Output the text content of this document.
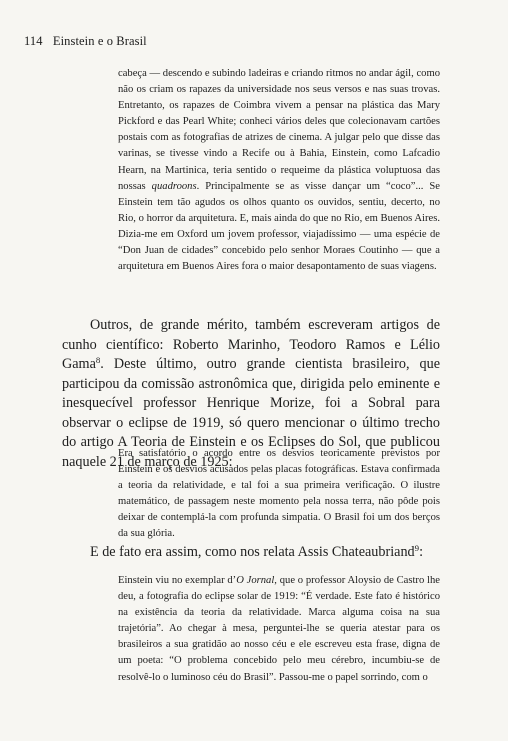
114 Einstein e o Brasil

cabeça — descendo e subindo ladeiras e criando ritmos no andar ágil, como não os criam os rapazes da universidade nos seus versos e nas suas trovas. Entretanto, os rapazes de Coimbra vivem a pensar na plástica das Mary Pickford e das Pearl White; conheci vários deles que colecionavam cartões postais com as fotografias de atrizes de cinema. A julgar pelo que disse das varinas, se tivesse vindo a Recife ou à Bahia, Einstein, como Lafcadio Hearn, na Martinica, teria sentido o requeime da plástica voluptuosa das nossas quadroons. Principalmente se as visse dançar um “coco”... Se Einstein tem tão agudos os olhos quanto os ouvidos, sentiu, decerto, no Rio, o horror da arquitetura. E, mais ainda do que no Rio, em Buenos Aires. Dizia-me em Oxford um jovem professor, viajadíssimo — uma espécie de “Don Juan de cidades” concebido pelo senhor Moraes Coutinho — que a arquitetura em Buenos Aires fora o maior desapontamento de suas viagens.

Outros, de grande mérito, também escreveram artigos de cunho científico: Roberto Marinho, Teodoro Ramos e Lélio Gama$^8$. Deste último, outro grande cientista brasileiro, que participou da comissão astronômica que, dirigida pelo eminente e inesquecível professor Henrique Morize, foi a Sobral para observar o eclipse de 1919, só quero mencionar o último trecho do artigo A Teoria de Einstein e os Eclipses do Sol, que publicou naquele 21 de março de 1925:

Era satisfatório o acordo entre os desvios teoricamente previstos por Einstein e os desvios acusados pelas placas fotográficas. Estava confirmada a teoria da relatividade, e tal foi a sua primeira verificação. O ilustre matemático, de passagem neste momento pela nossa terra, não pôde pois deixar de contemplá-la com profunda simpatia. O Brasil foi um dos berços da sua glória.

E de fato era assim, como nos relata Assis Chateaubriand$^9$:

Einstein viu no exemplar d’O Jornal, que o professor Aloysio de Castro lhe deu, a fotografia do eclipse solar de 1919: “É verdade. Este fato é histórico na existência da teoria da relatividade. Marca alguma coisa na sua trajetória”. Ao chegar à mesa, perguntei-lhe se queria atestar para os brasileiros a sua gratidão ao nosso céu e ele escreveu esta frase, digna de um poeta: “O problema concebido pelo meu cérebro, incumbiu-se de resolvê-lo o luminoso céu do Brasil”. Passou-me o papel sorrindo, com o
